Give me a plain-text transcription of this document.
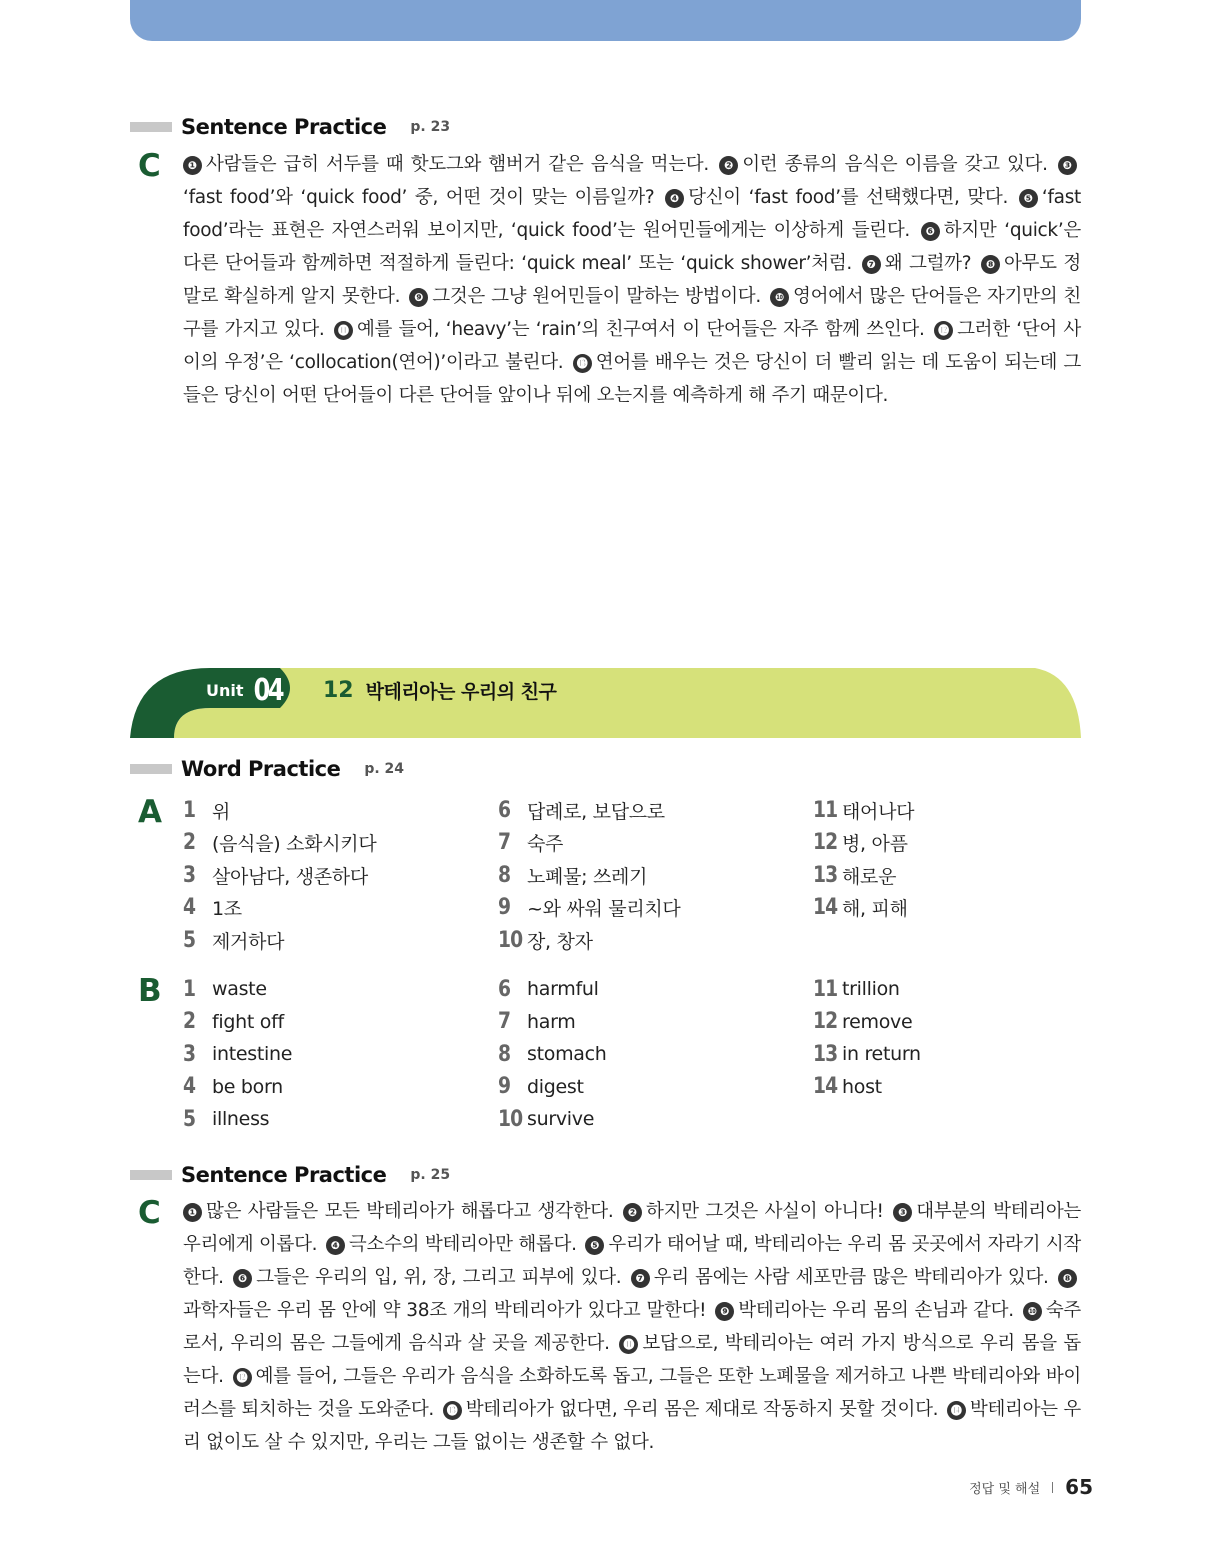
Sentence Practice p. 23
C	❶ 사람들은 급히 서두를 때 핫도그와 햄버거 같은 음식을 먹는다. ❷ 이런 종류의 음식은 이름을 갖고 있다. ❸‘fast food’와 ‘quick food’ 중, 어떤 것이 맞는 이름일까? ❹ 당신이 ‘fast food’를 선택했다면, 맞다. ❺ ‘fast food’라는 표현은 자연스러워 보이지만, ‘quick food’는 원어민들에게는 이상하게 들린다. ❻ 하지만 ‘quick’은 다른 단어들과 함께하면 적절하게 들린다: ‘quick meal’ 또는 ‘quick shower’처럼. ❼ 왜 그럴까? ❽ 아무도 정말로 확실하게 알지 못한다. ❾ 그것은 그냥 원어민들이 말하는 방법이다. ❿ 영어에서 많은 단어들은 자기만의 친구를 가지고 있다. ⓫ 예를 들어, ‘heavy’는 ‘rain’의 친구여서 이 단어들은 자주 함께 쓰인다. ⓬ 그러한 ‘단어 사이의 우정’은 ‘collocation(연어)’이라고 불린다. ⓭ 연어를 배우는 것은 당신이 더 빨리 읽는 데 도움이 되는데 그들은 당신이 어떤 단어들이 다른 단어들 앞이나 뒤에 오는지를 예측하게 해 주기 때문이다.
Unit 04 12 박테리아는 우리의 친구
Word Practice p. 24
A 1 위
2 (음식을) 소화시키다
3 살아남다, 생존하다
4 1조
5 제거하다
6 답례로, 보답으로
7 숙주
8 노폐물; 쓰레기
9 ~와 싸워 물리치다
10 장, 창자
11 태어나다
12 병, 아픔
13 해로운
14 해, 피해
B 1 waste
2 fight off
3 intestine
4 be born
5 illness
6 harmful
7 harm
8 stomach
9 digest
10 survive
11 trillion
12 remove
13 in return
14 host
Sentence Practice p. 25
C	❶ 많은 사람들은 모든 박테리아가 해롭다고 생각한다. ❷ 하지만 그것은 사실이 아니다! ❸ 대부분의 박테리아는 우리에게 이롭다. ❹ 극소수의 박테리아만 해롭다. ❺ 우리가 태어날 때, 박테리아는 우리 몸 곳곳에서 자라기 시작한다. ❻ 그들은 우리의 입, 위, 장, 그리고 피부에 있다. ❼ 우리 몸에는 사람 세포만큼 많은 박테리아가 있다. ❽과학자들은 우리 몸 안에 약 38조 개의 박테리아가 있다고 말한다! ❾ 박테리아는 우리 몸의 손님과 같다. ❿ 숙주로서, 우리의 몸은 그들에게 음식과 살 곳을 제공한다. ⓫ 보답으로, 박테리아는 여러 가지 방식으로 우리 몸을 돕는다. ⓬ 예를 들어, 그들은 우리가 음식을 소화하도록 돕고, 그들은 또한 노폐물을 제거하고 나쁜 박테리아와 바이러스를 퇴치하는 것을 도와준다. ⓭ 박테리아가 없다면, 우리 몸은 제대로 작동하지 못할 것이다. ⓮ 박테리아는 우리 없이도 살 수 있지만, 우리는 그들 없이는 생존할 수 없다.
정답 및 해설 65
